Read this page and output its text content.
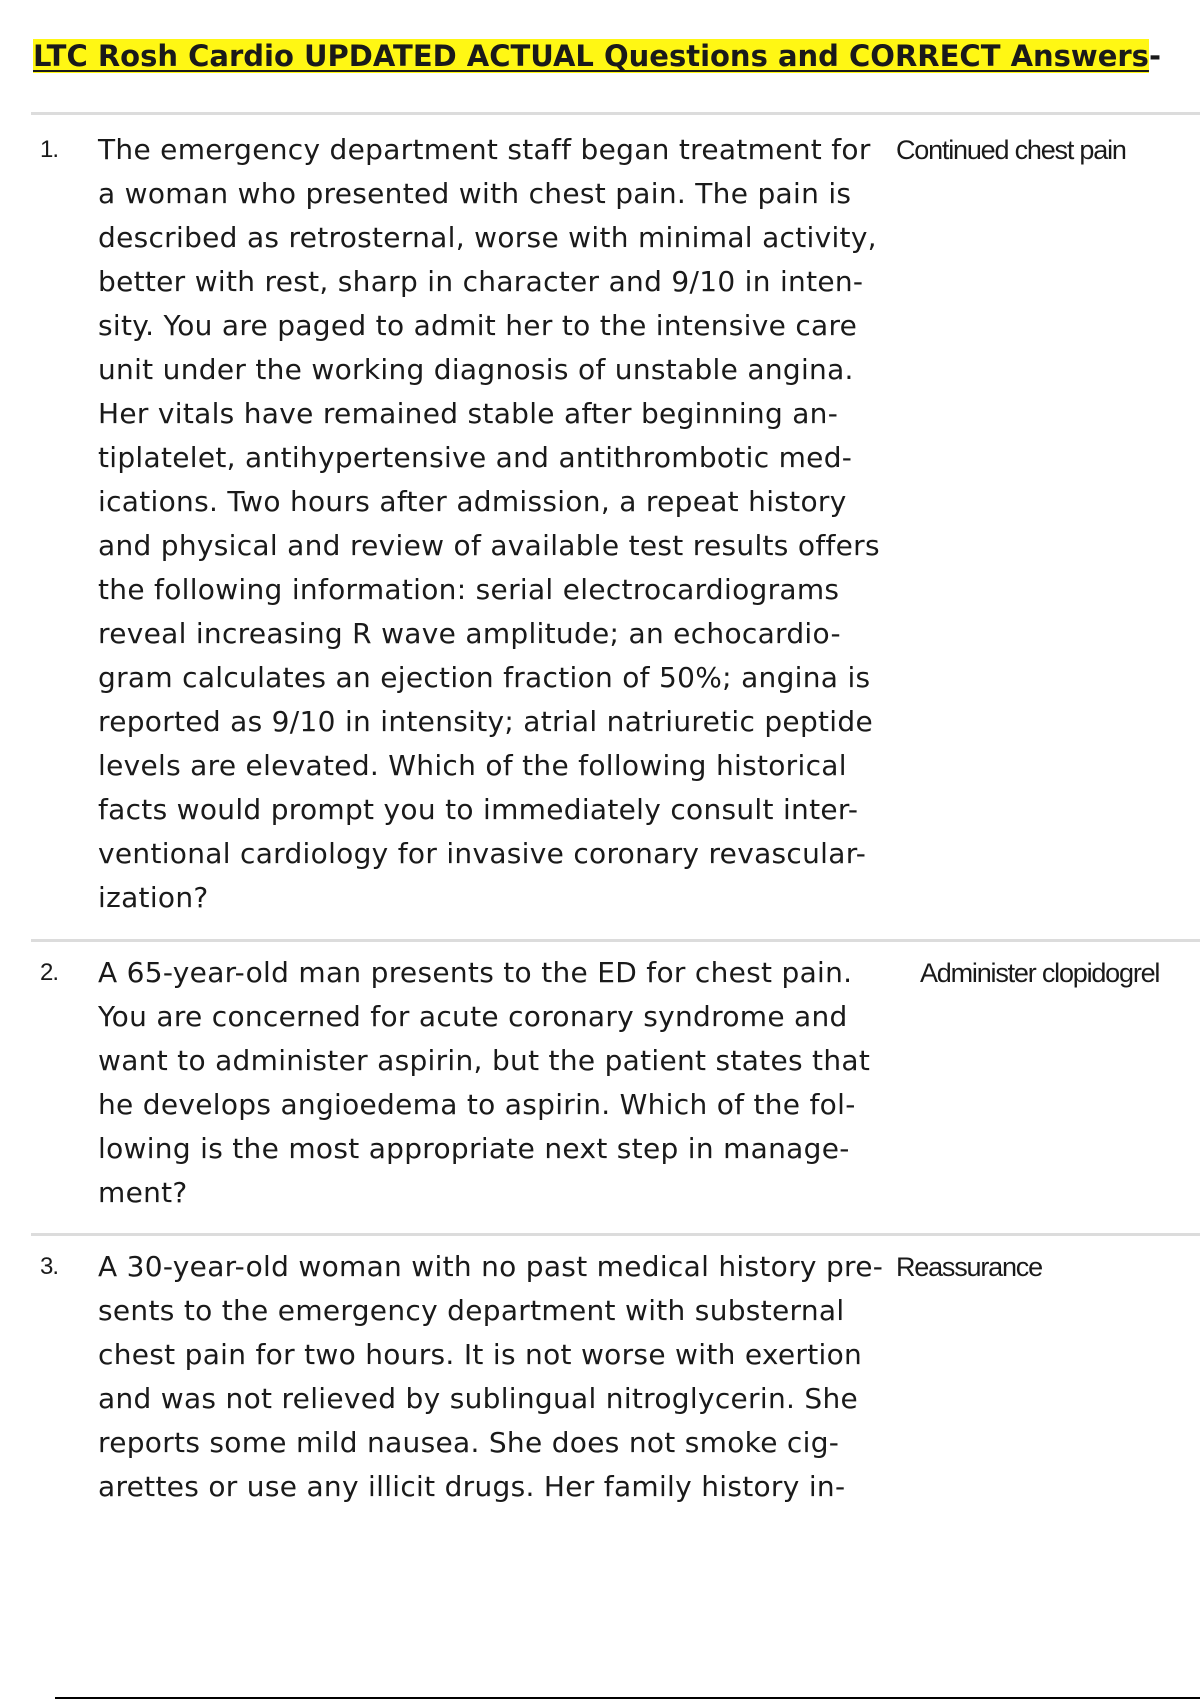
LTC Rosh Cardio UPDATED ACTUAL Questions and CORRECT Answers-
1. The emergency department staff began treatment for
a woman who presented with chest pain. The pain is
described as retrosternal, worse with minimal activity,
better with rest, sharp in character and 9/10 in inten-
sity. You are paged to admit her to the intensive care
unit under the working diagnosis of unstable angina.
Her vitals have remained stable after beginning an-
tiplatelet, antihypertensive and antithrombotic med-
ications. Two hours after admission, a repeat history
and physical and review of available test results offers
the following information: serial electrocardiograms
reveal increasing R wave amplitude; an echocardio-
gram calculates an ejection fraction of 50%; angina is
reported as 9/10 in intensity; atrial natriuretic peptide
levels are elevated. Which of the following historical
facts would prompt you to immediately consult inter-
ventional cardiology for invasive coronary revascular-
ization?
Continued chest pain
2. A 65-year-old man presents to the ED for chest pain.
You are concerned for acute coronary syndrome and
want to administer aspirin, but the patient states that
he develops angioedema to aspirin. Which of the fol-
lowing is the most appropriate next step in manage-
ment?
Administer clopidogrel
3. A 30-year-old woman with no past medical history pre-
sents to the emergency department with substernal
chest pain for two hours. It is not worse with exertion
and was not relieved by sublingual nitroglycerin. She
reports some mild nausea. She does not smoke cig-
arettes or use any illicit drugs. Her family history in-
Reassurance
